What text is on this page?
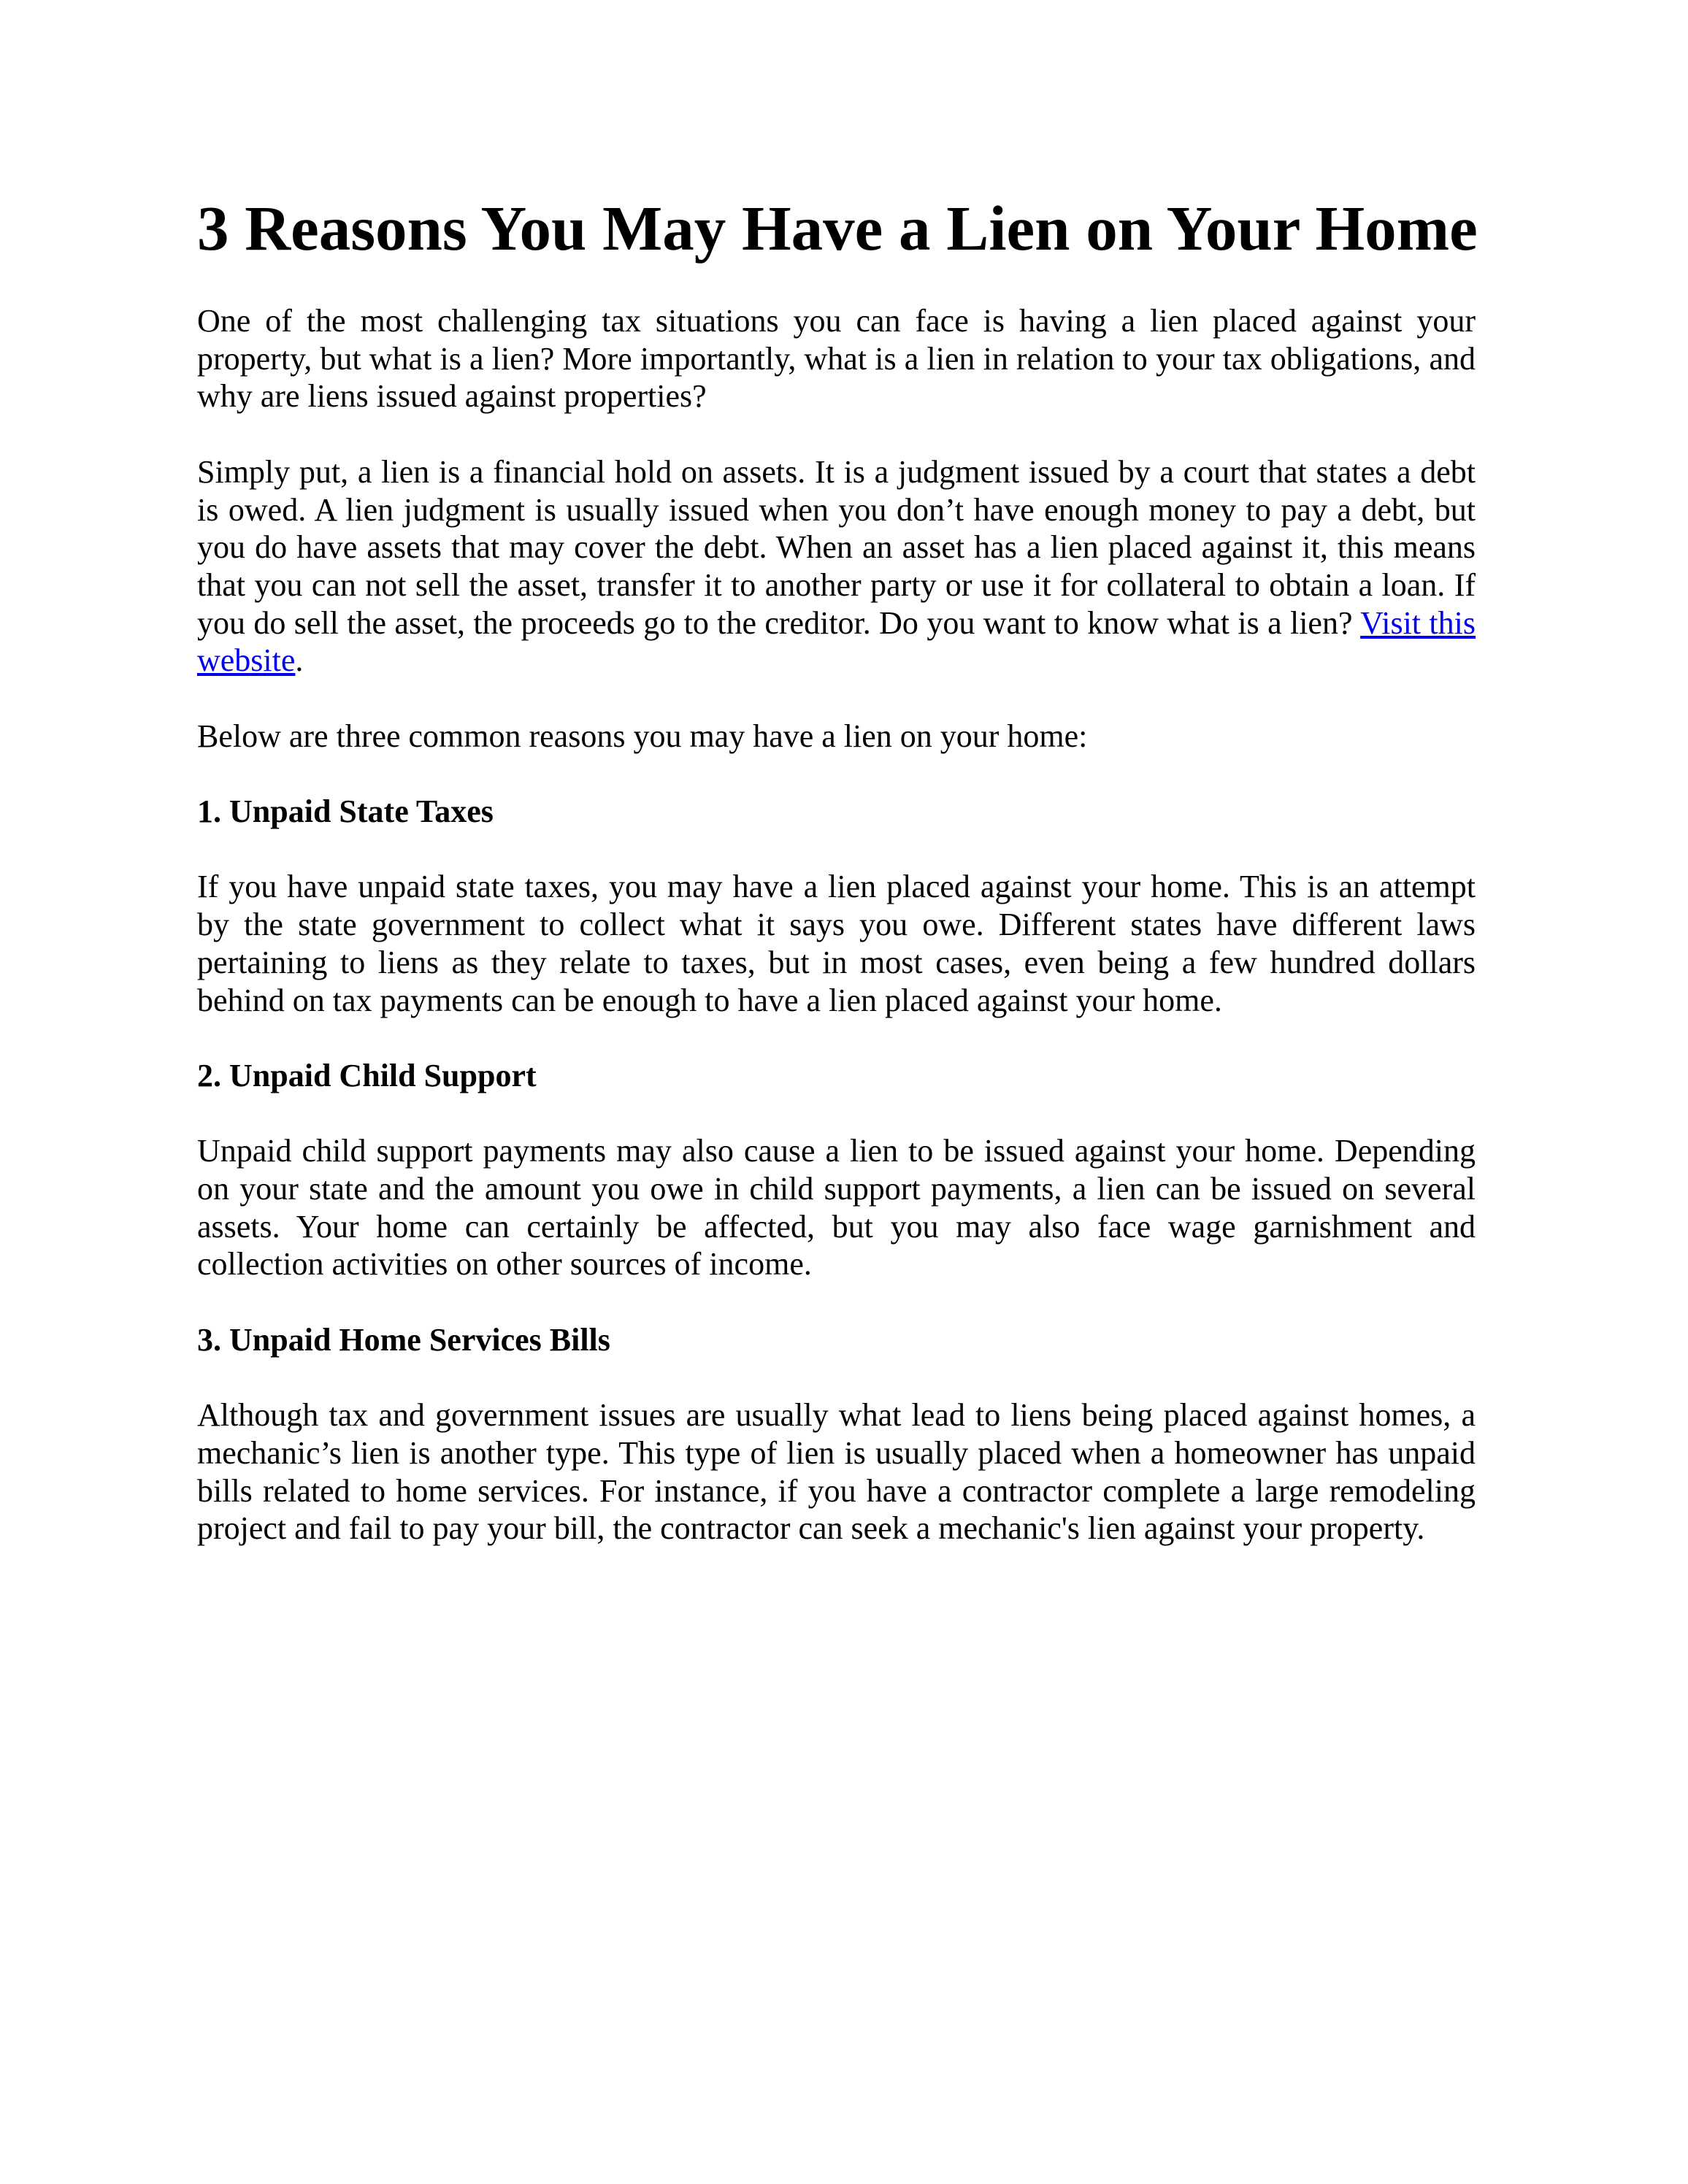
3 Reasons You May Have a Lien on Your Home

One of the most challenging tax situations you can face is having a lien placed against your property, but what is a lien? More importantly, what is a lien in relation to your tax obligations, and why are liens issued against properties?

Simply put, a lien is a financial hold on assets. It is a judgment issued by a court that states a debt is owed. A lien judgment is usually issued when you don’t have enough money to pay a debt, but you do have assets that may cover the debt. When an asset has a lien placed against it, this means that you can not sell the asset, transfer it to another party or use it for collateral to obtain a loan. If you do sell the asset, the proceeds go to the creditor. Do you want to know what is a lien? Visit this website.

Below are three common reasons you may have a lien on your home:

1. Unpaid State Taxes

If you have unpaid state taxes, you may have a lien placed against your home. This is an attempt by the state government to collect what it says you owe. Different states have different laws pertaining to liens as they relate to taxes, but in most cases, even being a few hundred dollars behind on tax payments can be enough to have a lien placed against your home.

2. Unpaid Child Support

Unpaid child support payments may also cause a lien to be issued against your home. Depending on your state and the amount you owe in child support payments, a lien can be issued on several assets. Your home can certainly be affected, but you may also face wage garnishment and collection activities on other sources of income.

3. Unpaid Home Services Bills

Although tax and government issues are usually what lead to liens being placed against homes, a mechanic’s lien is another type. This type of lien is usually placed when a homeowner has unpaid bills related to home services. For instance, if you have a contractor complete a large remodeling project and fail to pay your bill, the contractor can seek a mechanic's lien against your property.
